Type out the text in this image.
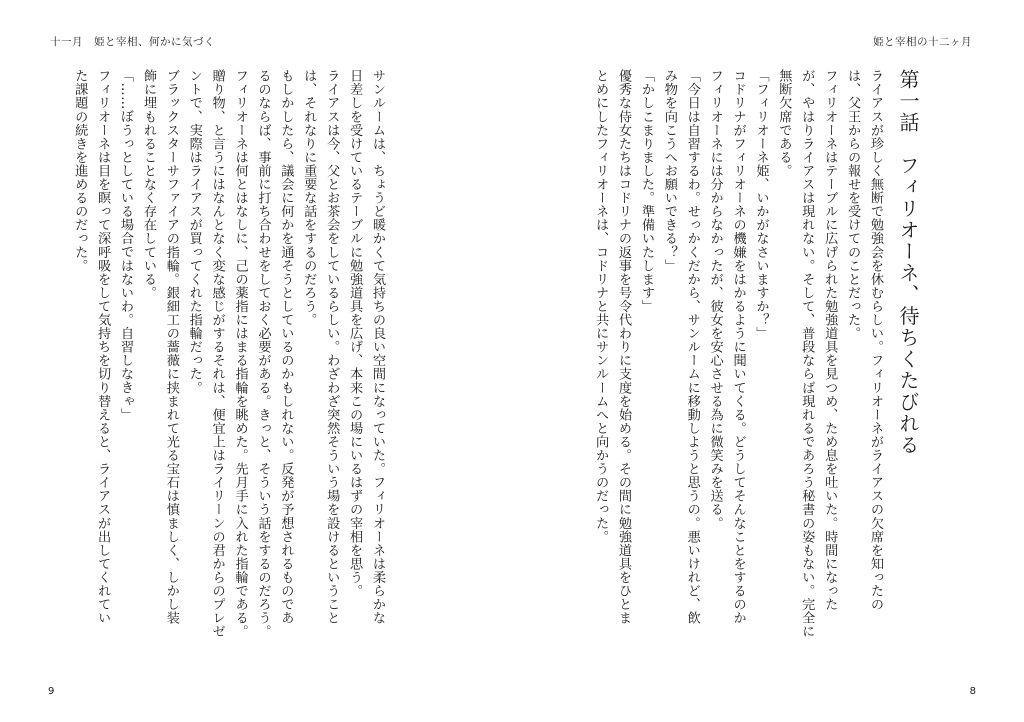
十一月　姫と宰相、何かに気づく

サンルームは、ちょうど暖かくて気持ちの良い空間になっていた。フィリオーネは柔らかな

日差しを受けているテーブルに勉強道具を広げ、本来この場にいるはずの宰相を思う。

ライアスは今、父とお茶会をしているらしい。わざわざ突然そういう場を設けるということ

は、それなりに重要な話をするのだろう。

もしかしたら、議会に何かを通そうとしているのかもしれない。反発が予想されるものであ

るのならば、事前に打ち合わせをしておく必要がある。きっと、そういう話をするのだろう。

フィリオーネは何とはなしに、己の薬指にはまる指輪を眺めた。先月手に入れた指輪である。

贈り物、と言うにはなんとなく変な感じがするそれは、便宜上はライリーンの君からのプレゼ

ントで、実際はライアスが買ってくれた指輪だった。

ブラックスターサファイアの指輪。銀細工の薔薇に挟まれて光る宝石は慎ましく、しかし装

飾に埋もれることなく存在している。

「……ぼうっとしている場合ではないわ。自習しなきゃ」

フィリオーネは目を瞑って深呼吸をして気持ちを切り替えると、ライアスが出してくれてい

た課題の続きを進めるのだった。

9
姫と宰相の十二ヶ月
8
第一話　フィリオーネ、待ちくたびれる

ライアスが珍しく無断で勉強会を休むらしい。フィリオーネがライアスの欠席を知ったの

は、父王からの報せを受けてのことだった。

フィリオーネはテーブルに広げられた勉強道具を見つめ、ため息を吐いた。時間になった

が、やはりライアスは現れない。そして、普段ならば現れるであろう秘書の姿もない。完全に

無断欠席である。

「フィリオーネ姫、いかがなさいますか？」

コドリナがフィリオーネの機嫌をはかるように聞いてくる。どうしてそんなことをするのか

フィリオーネには分からなかったが、彼女を安心させる為に微笑みを送る。

「今日は自習するわ。せっかくだから、サンルームに移動しようと思うの。悪いけれど、飲

み物を向こうへお願いできる？」

「かしこまりました。準備いたします」

優秀な侍女たちはコドリナの返事を号令代わりに支度を始める。その間に勉強道具をひとま

とめにしたフィリオーネは、コドリナと共にサンルームへと向かうのだった。
